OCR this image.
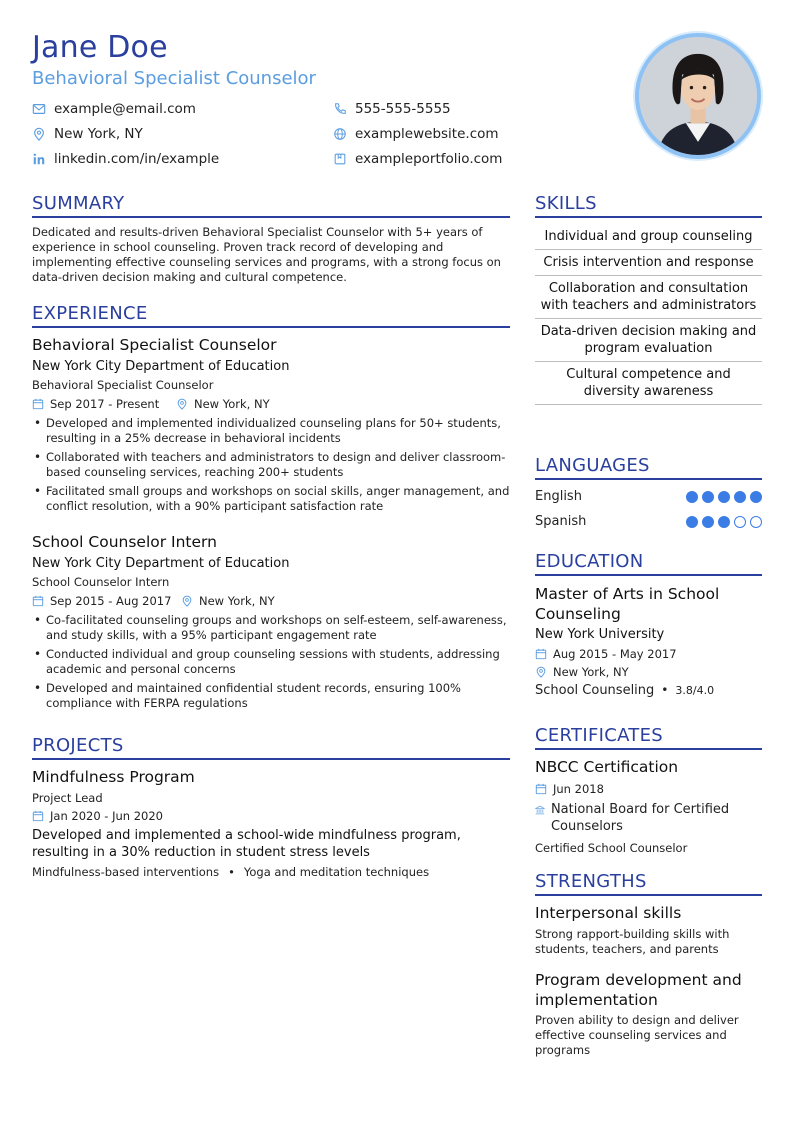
Jane Doe
Behavioral Specialist Counselor
example@email.com	555-555-5555
New York, NY	examplewebsite.com
linkedin.com/in/example	exampleportfolio.com
SUMMARY
Dedicated and results-driven Behavioral Specialist Counselor with 5+ years of experience in school counseling. Proven track record of developing and implementing effective counseling services and programs, with a strong focus on data-driven decision making and cultural competence.
EXPERIENCE
Behavioral Specialist Counselor
New York City Department of Education
Behavioral Specialist Counselor
Sep 2017 - Present	New York, NY
• Developed and implemented individualized counseling plans for 50+ students, resulting in a 25% decrease in behavioral incidents
• Collaborated with teachers and administrators to design and deliver classroom-based counseling services, reaching 200+ students
• Facilitated small groups and workshops on social skills, anger management, and conflict resolution, with a 90% participant satisfaction rate
School Counselor Intern
New York City Department of Education
School Counselor Intern
Sep 2015 - Aug 2017 New York, NY
• Co-facilitated counseling groups and workshops on self-esteem, self-awareness, and study skills, with a 95% participant engagement rate
• Conducted individual and group counseling sessions with students, addressing academic and personal concerns
• Developed and maintained confidential student records, ensuring 100% compliance with FERPA regulations
PROJECTS
Mindfulness Program
Project Lead
Jan 2020 - Jun 2020
Developed and implemented a school-wide mindfulness program, resulting in a 30% reduction in student stress levels
Mindfulness-based interventions • Yoga and meditation techniques
SKILLS
Individual and group counseling
Crisis intervention and response
Collaboration and consultation with teachers and administrators
Data-driven decision making and program evaluation
Cultural competence and diversity awareness
LANGUAGES
English
Spanish
EDUCATION
Master of Arts in School Counseling
New York University
Aug 2015 - May 2017
New York, NY
School Counseling • 3.8/4.0
CERTIFICATES
NBCC Certification
Jun 2018
National Board for Certified Counselors
Certified School Counselor
STRENGTHS
Interpersonal skills
Strong rapport-building skills with students, teachers, and parents
Program development and implementation
Proven ability to design and deliver effective counseling services and programs
